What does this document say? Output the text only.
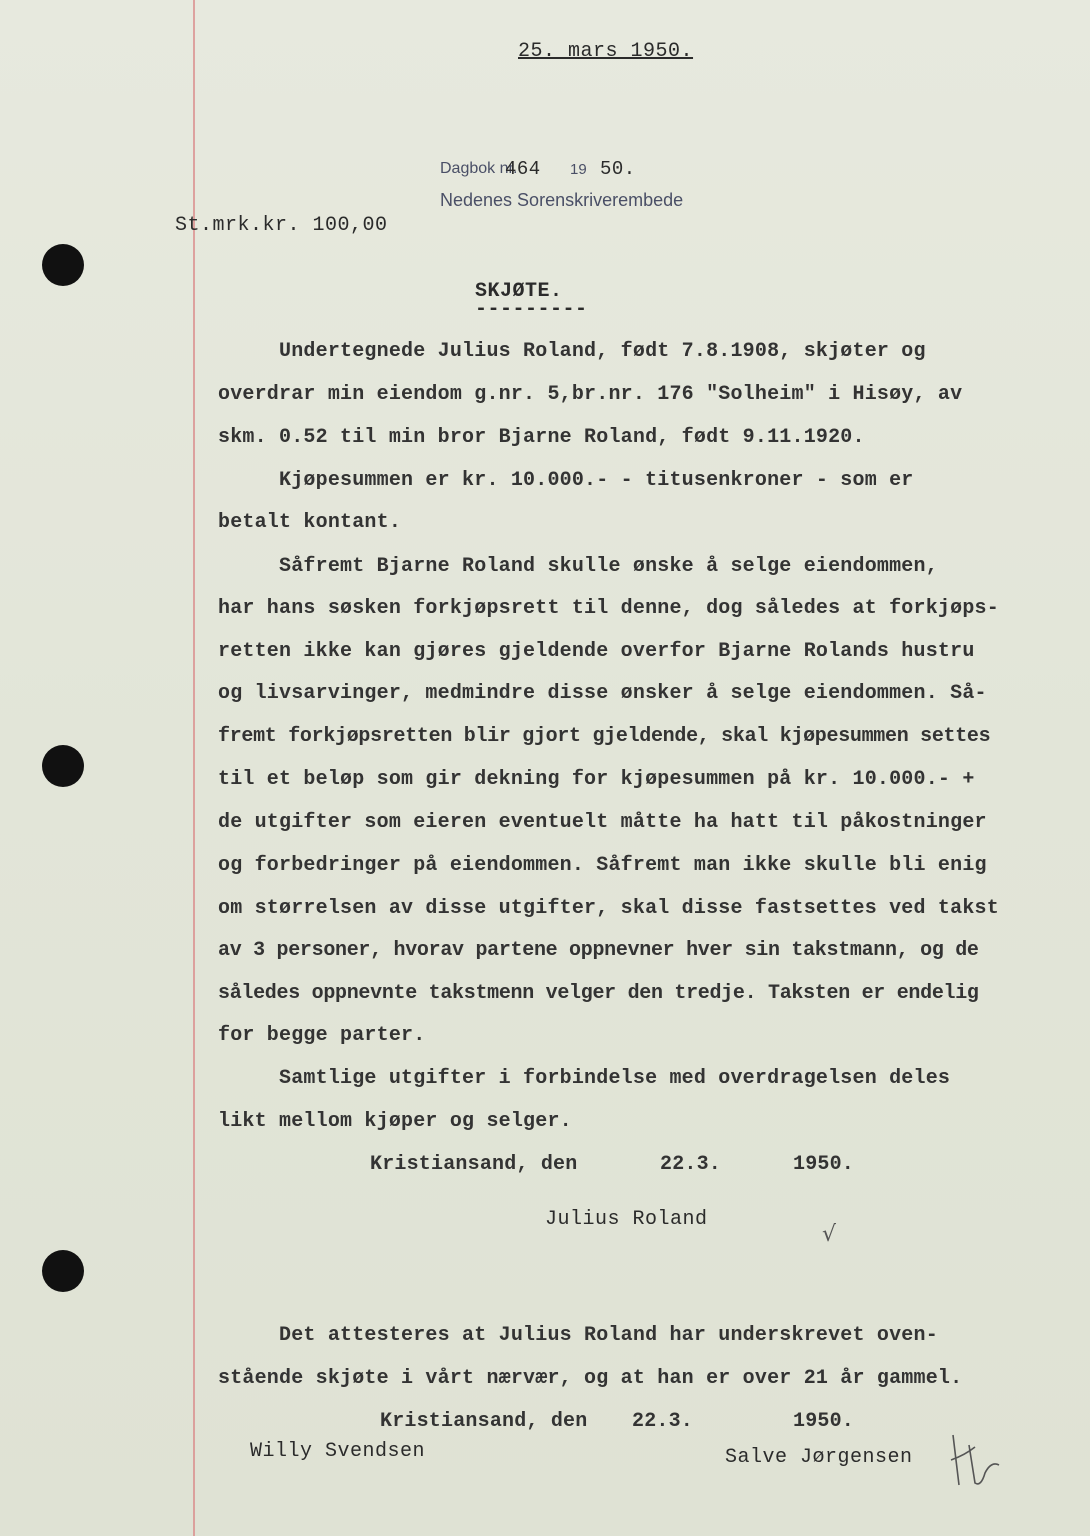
25. mars 1950.
Dagbok nr.
464 19 50.
Nedenes Sorenskriverembede
St.mrk.kr. 100,00
SKJØTE.
---------
Undertegnede Julius Roland, født 7.8.1908, skjøter og
overdrar min eiendom g.nr. 5,br.nr. 176 "Solheim" i Hisøy, av
skm. 0.52 til min bror Bjarne Roland, født 9.11.1920.
Kjøpesummen er kr. 10.000.- - titusenkroner - som er
betalt kontant.
Såfremt Bjarne Roland skulle ønske å selge eiendommen,
har hans søsken forkjøpsrett til denne, dog således at forkjøps-
retten ikke kan gjøres gjeldende overfor Bjarne Rolands hustru
og livsarvinger, medmindre disse ønsker å selge eiendommen. Så-
fremt forkjøpsretten blir gjort gjeldende, skal kjøpesummen settes
til et beløp som gir dekning for kjøpesummen på kr. 10.000.- +
de utgifter som eieren eventuelt måtte ha hatt til påkostninger
og forbedringer på eiendommen. Såfremt man ikke skulle bli enig
om størrelsen av disse utgifter, skal disse fastsettes ved takst
av 3 personer, hvorav partene oppnevner hver sin takstmann, og de
således oppnevnte takstmenn velger den tredje. Taksten er endelig
for begge parter.
Samtlige utgifter i forbindelse med overdragelsen deles
likt mellom kjøper og selger.
Kristiansand, den	22.3.	1950.
Julius Roland
√
Det attesteres at Julius Roland har underskrevet oven-
stående skjøte i vårt nærvær, og at han er over 21 år gammel.
Kristiansand, den 22.3.	1950.
Willy Svendsen	Salve Jørgensen
